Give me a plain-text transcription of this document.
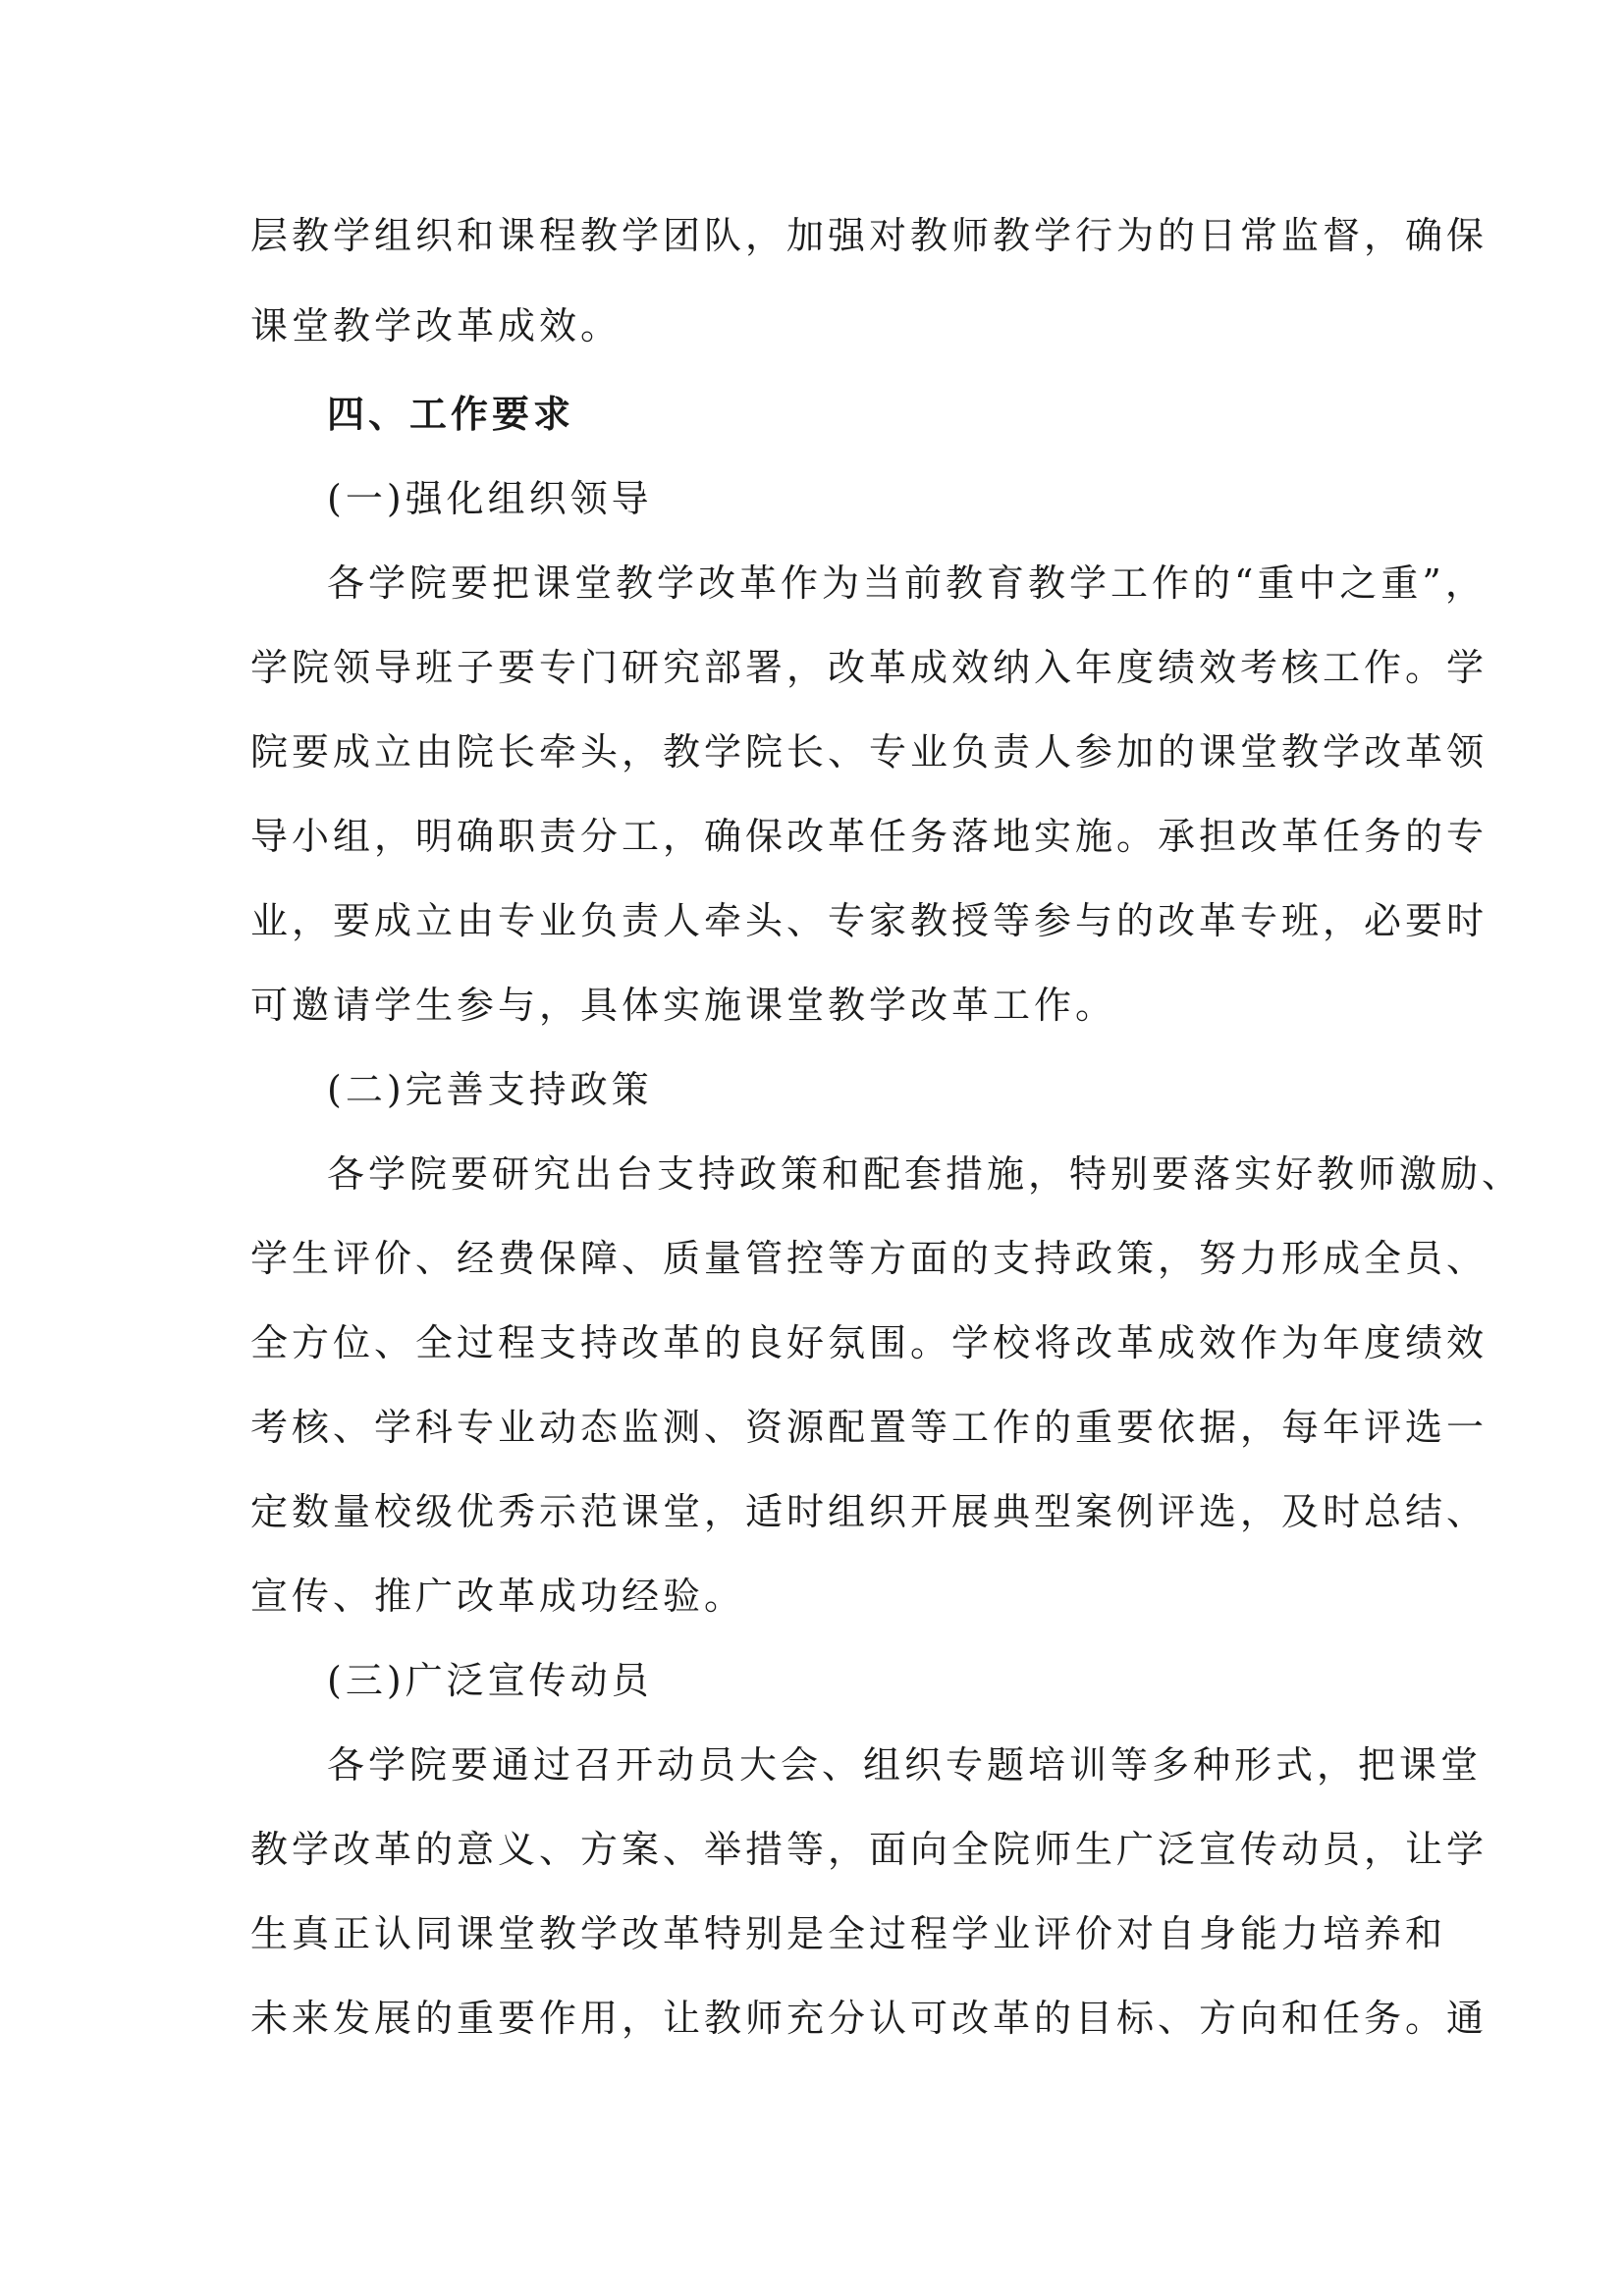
层教学组织和课程教学团队，加强对教师教学行为的日常监督，确保
课堂教学改革成效。
四、工作要求
(一)强化组织领导
各学院要把课堂教学改革作为当前教育教学工作的“重中之重”，
学院领导班子要专门研究部署，改革成效纳入年度绩效考核工作。学
院要成立由院长牵头，教学院长、专业负责人参加的课堂教学改革领
导小组，明确职责分工，确保改革任务落地实施。承担改革任务的专
业，要成立由专业负责人牵头、专家教授等参与的改革专班，必要时
可邀请学生参与，具体实施课堂教学改革工作。
(二)完善支持政策
各学院要研究出台支持政策和配套措施，特别要落实好教师激励、
学生评价、经费保障、质量管控等方面的支持政策，努力形成全员、
全方位、全过程支持改革的良好氛围。学校将改革成效作为年度绩效
考核、学科专业动态监测、资源配置等工作的重要依据，每年评选一
定数量校级优秀示范课堂，适时组织开展典型案例评选，及时总结、
宣传、推广改革成功经验。
(三)广泛宣传动员
各学院要通过召开动员大会、组织专题培训等多种形式，把课堂
教学改革的意义、方案、举措等，面向全院师生广泛宣传动员，让学
生真正认同课堂教学改革特别是全过程学业评价对自身能力培养和
未来发展的重要作用，让教师充分认可改革的目标、方向和任务。通
